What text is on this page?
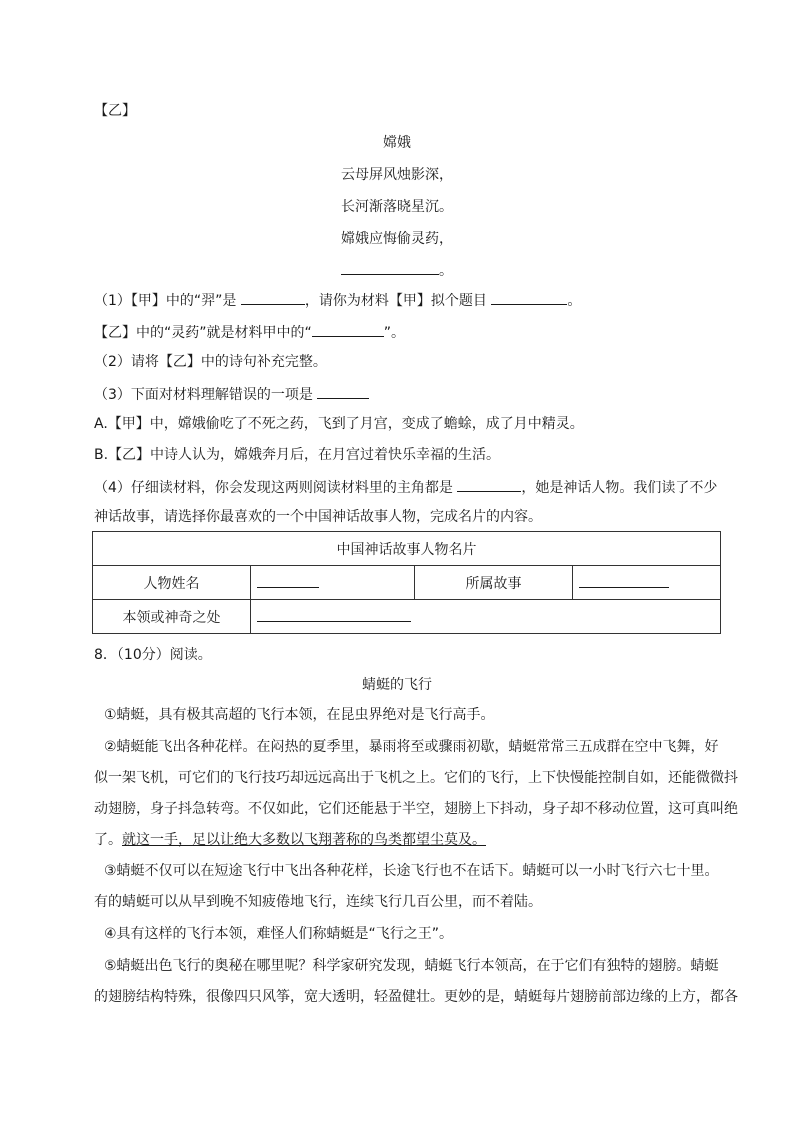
【乙】
嫦娥
云母屏风烛影深，
长河渐落晓星沉。
嫦娥应悔偷灵药，
。
（1）【甲】中的“羿”是	，请你为材料【甲】拟个题目	。
【乙】中的“灵药”就是材料甲中的“	”。
（2）请将【乙】中的诗句补充完整。
（3）下面对材料理解错误的一项是
A.【甲】中，嫦娥偷吃了不死之药，飞到了月宫，变成了蟾蜍，成了月中精灵。
B.【乙】中诗人认为，嫦娥奔月后，在月宫过着快乐幸福的生活。
（4）仔细读材料，你会发现这两则阅读材料里的主角都是	，她是神话人物。我们读了不少
神话故事，请选择你最喜欢的一个中国神话故事人物，完成名片的内容。
中国神话故事人物名片			
人物姓名		所属故事	
本领或神奇之处			
8．（10分）阅读。
蜻蜓的飞行
①蜻蜓，具有极其高超的飞行本领，在昆虫界绝对是飞行高手。
②蜻蜓能飞出各种花样。在闷热的夏季里，暴雨将至或骤雨初歇，蜻蜓常常三五成群在空中飞舞，好
似一架飞机，可它们的飞行技巧却远远高出于飞机之上。它们的飞行，上下快慢能控制自如，还能微微抖
动翅膀，身子抖急转弯。不仅如此，它们还能悬于半空，翅膀上下抖动，身子却不移动位置，这可真叫绝
了。就这一手，足以让绝大多数以飞翔著称的鸟类都望尘莫及。
③蜻蜓不仅可以在短途飞行中飞出各种花样，长途飞行也不在话下。蜻蜓可以一小时飞行六七十里。
有的蜻蜓可以从早到晚不知疲倦地飞行，连续飞行几百公里，而不着陆。
④具有这样的飞行本领，难怪人们称蜻蜓是“飞行之王”。
⑤蜻蜓出色飞行的奥秘在哪里呢？科学家研究发现，蜻蜓飞行本领高，在于它们有独特的翅膀。蜻蜓
的翅膀结构特殊，很像四只风筝，宽大透明，轻盈健壮。更妙的是，蜻蜓每片翅膀前部边缘的上方，都各
